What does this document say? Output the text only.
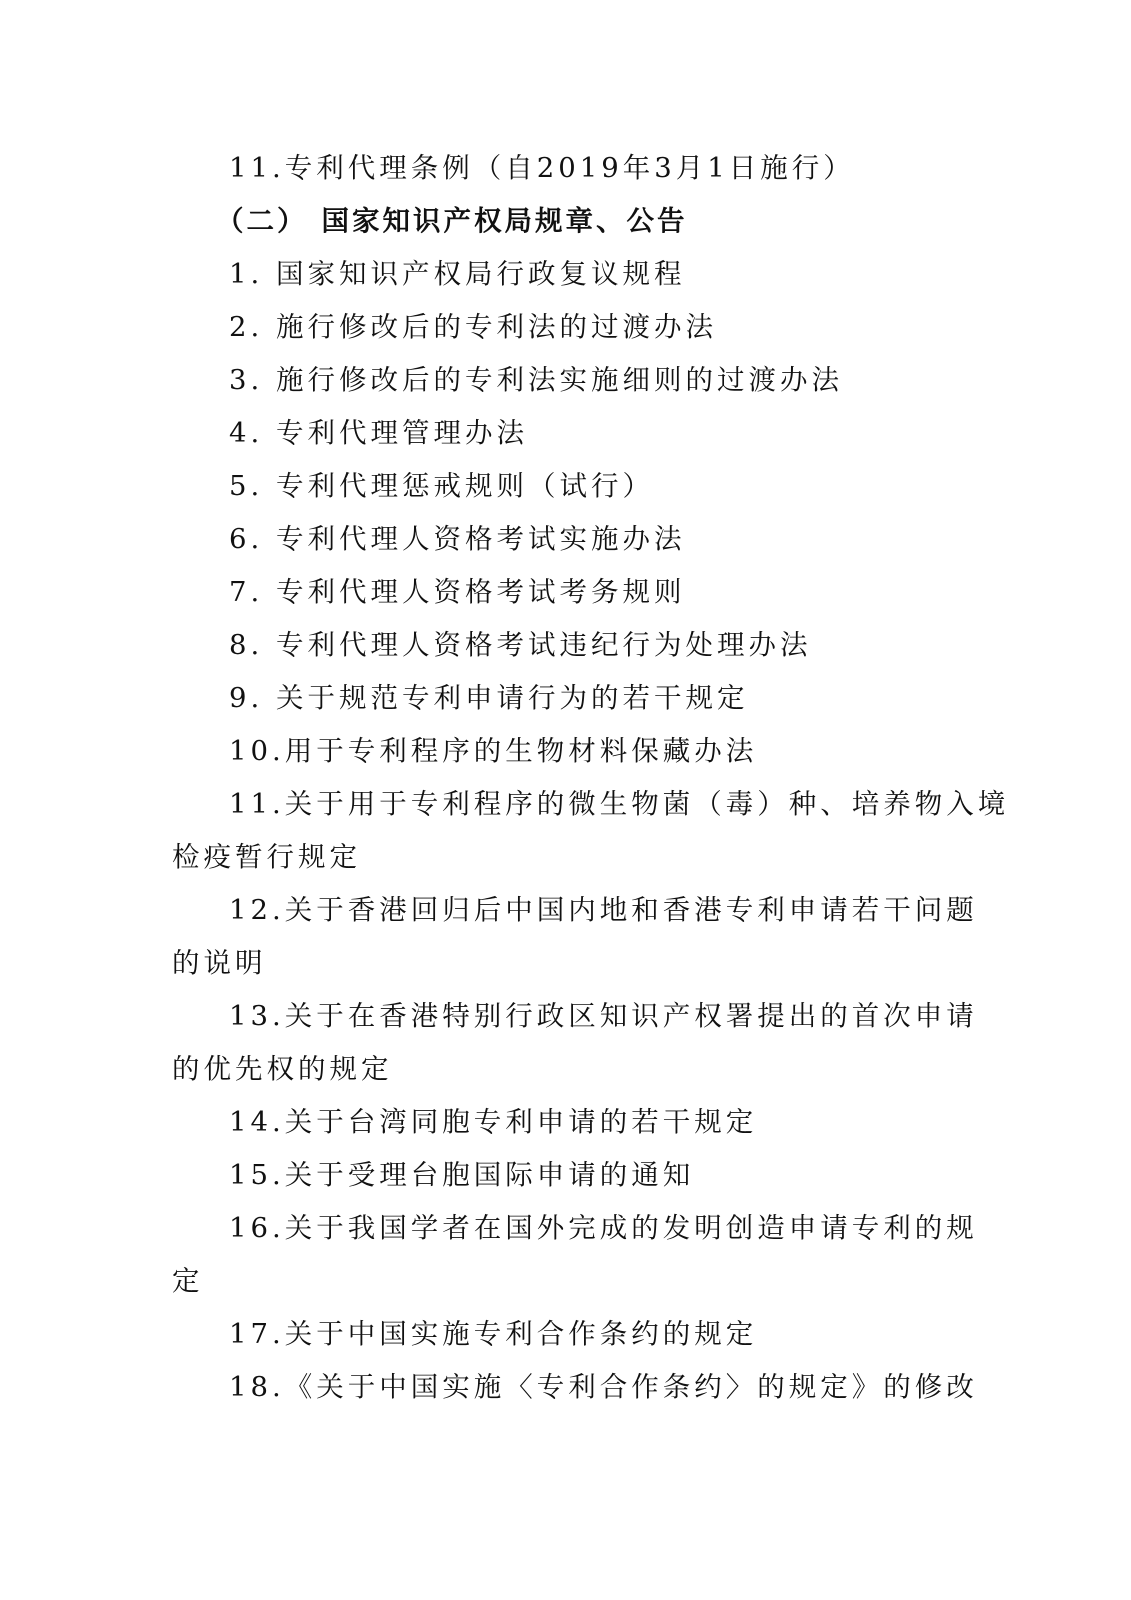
11.专利代理条例（自2019年3月1日施行）
（二） 国家知识产权局规章、公告
1. 国家知识产权局行政复议规程
2. 施行修改后的专利法的过渡办法
3. 施行修改后的专利法实施细则的过渡办法
4. 专利代理管理办法
5. 专利代理惩戒规则（试行）
6. 专利代理人资格考试实施办法
7. 专利代理人资格考试考务规则
8. 专利代理人资格考试违纪行为处理办法
9. 关于规范专利申请行为的若干规定
10.用于专利程序的生物材料保藏办法
11.关于用于专利程序的微生物菌（毒）种、培养物入境
检疫暂行规定
12.关于香港回归后中国内地和香港专利申请若干问题
的说明
13.关于在香港特别行政区知识产权署提出的首次申请
的优先权的规定
14.关于台湾同胞专利申请的若干规定
15.关于受理台胞国际申请的通知
16.关于我国学者在国外完成的发明创造申请专利的规
定
17.关于中国实施专利合作条约的规定
18.《关于中国实施〈专利合作条约〉的规定》的修改
